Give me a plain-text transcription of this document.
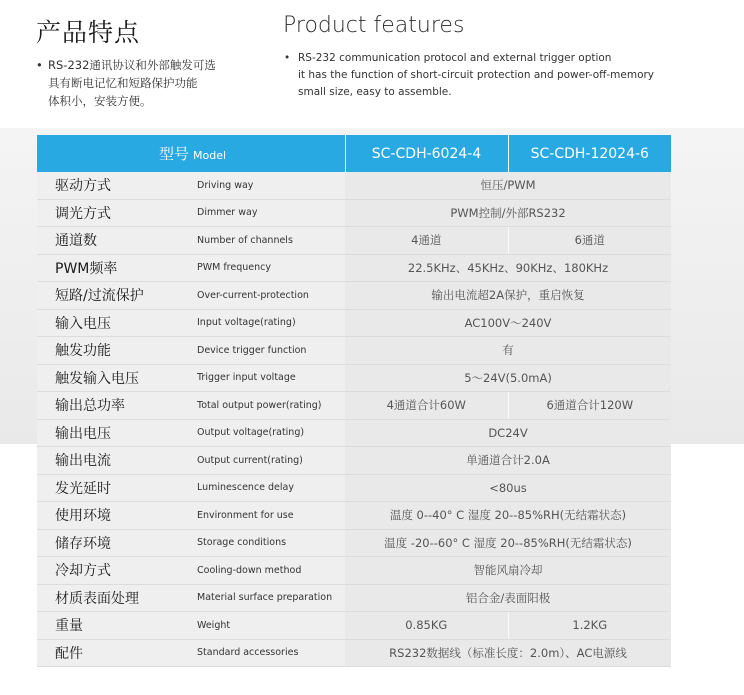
产品特点	Product features
• RS-232通讯协议和外部触发可选
具有断电记忆和短路保护功能
体积小，安装方便。
• RS-232 communication protocol and external trigger option
it has the function of short-circuit protection and power-off-memory
small size, easy to assemble.
型号 Model		SC-CDH-6024-4	SC-CDH-12024-6
驱动方式	Driving way	恒压/PWM	
调光方式	Dimmer way	PWM控制/外部RS232	
通道数	Number of channels	4通道	6通道
PWM频率	PWM frequency	22.5KHz、45KHz、90KHz、180KHz	
短路/过流保护	Over-current-protection	输出电流超2A保护，重启恢复	
输入电压	Input voltage(rating)	AC100V～240V	
触发功能	Device trigger function	有	
触发输入电压	Trigger input voltage	5～24V(5.0mA)	
输出总功率	Total output power(rating)	4通道合计60W	6通道合计120W
输出电压	Output voltage(rating)	DC24V	
输出电流	Output current(rating)	单通道合计2.0A	
发光延时	Luminescence delay	<80us	
使用环境	Environment for use	温度 0--40° C 湿度 20--85%RH(无结霜状态)	
储存环境	Storage conditions	温度 -20--60° C 湿度 20--85%RH(无结霜状态)	
冷却方式	Cooling-down method	智能风扇冷却	
材质表面处理	Material surface preparation	铝合金/表面阳极	
重量	Weight	0.85KG	1.2KG
配件	Standard accessories	RS232数据线（标准长度：2.0m）、AC电源线	
